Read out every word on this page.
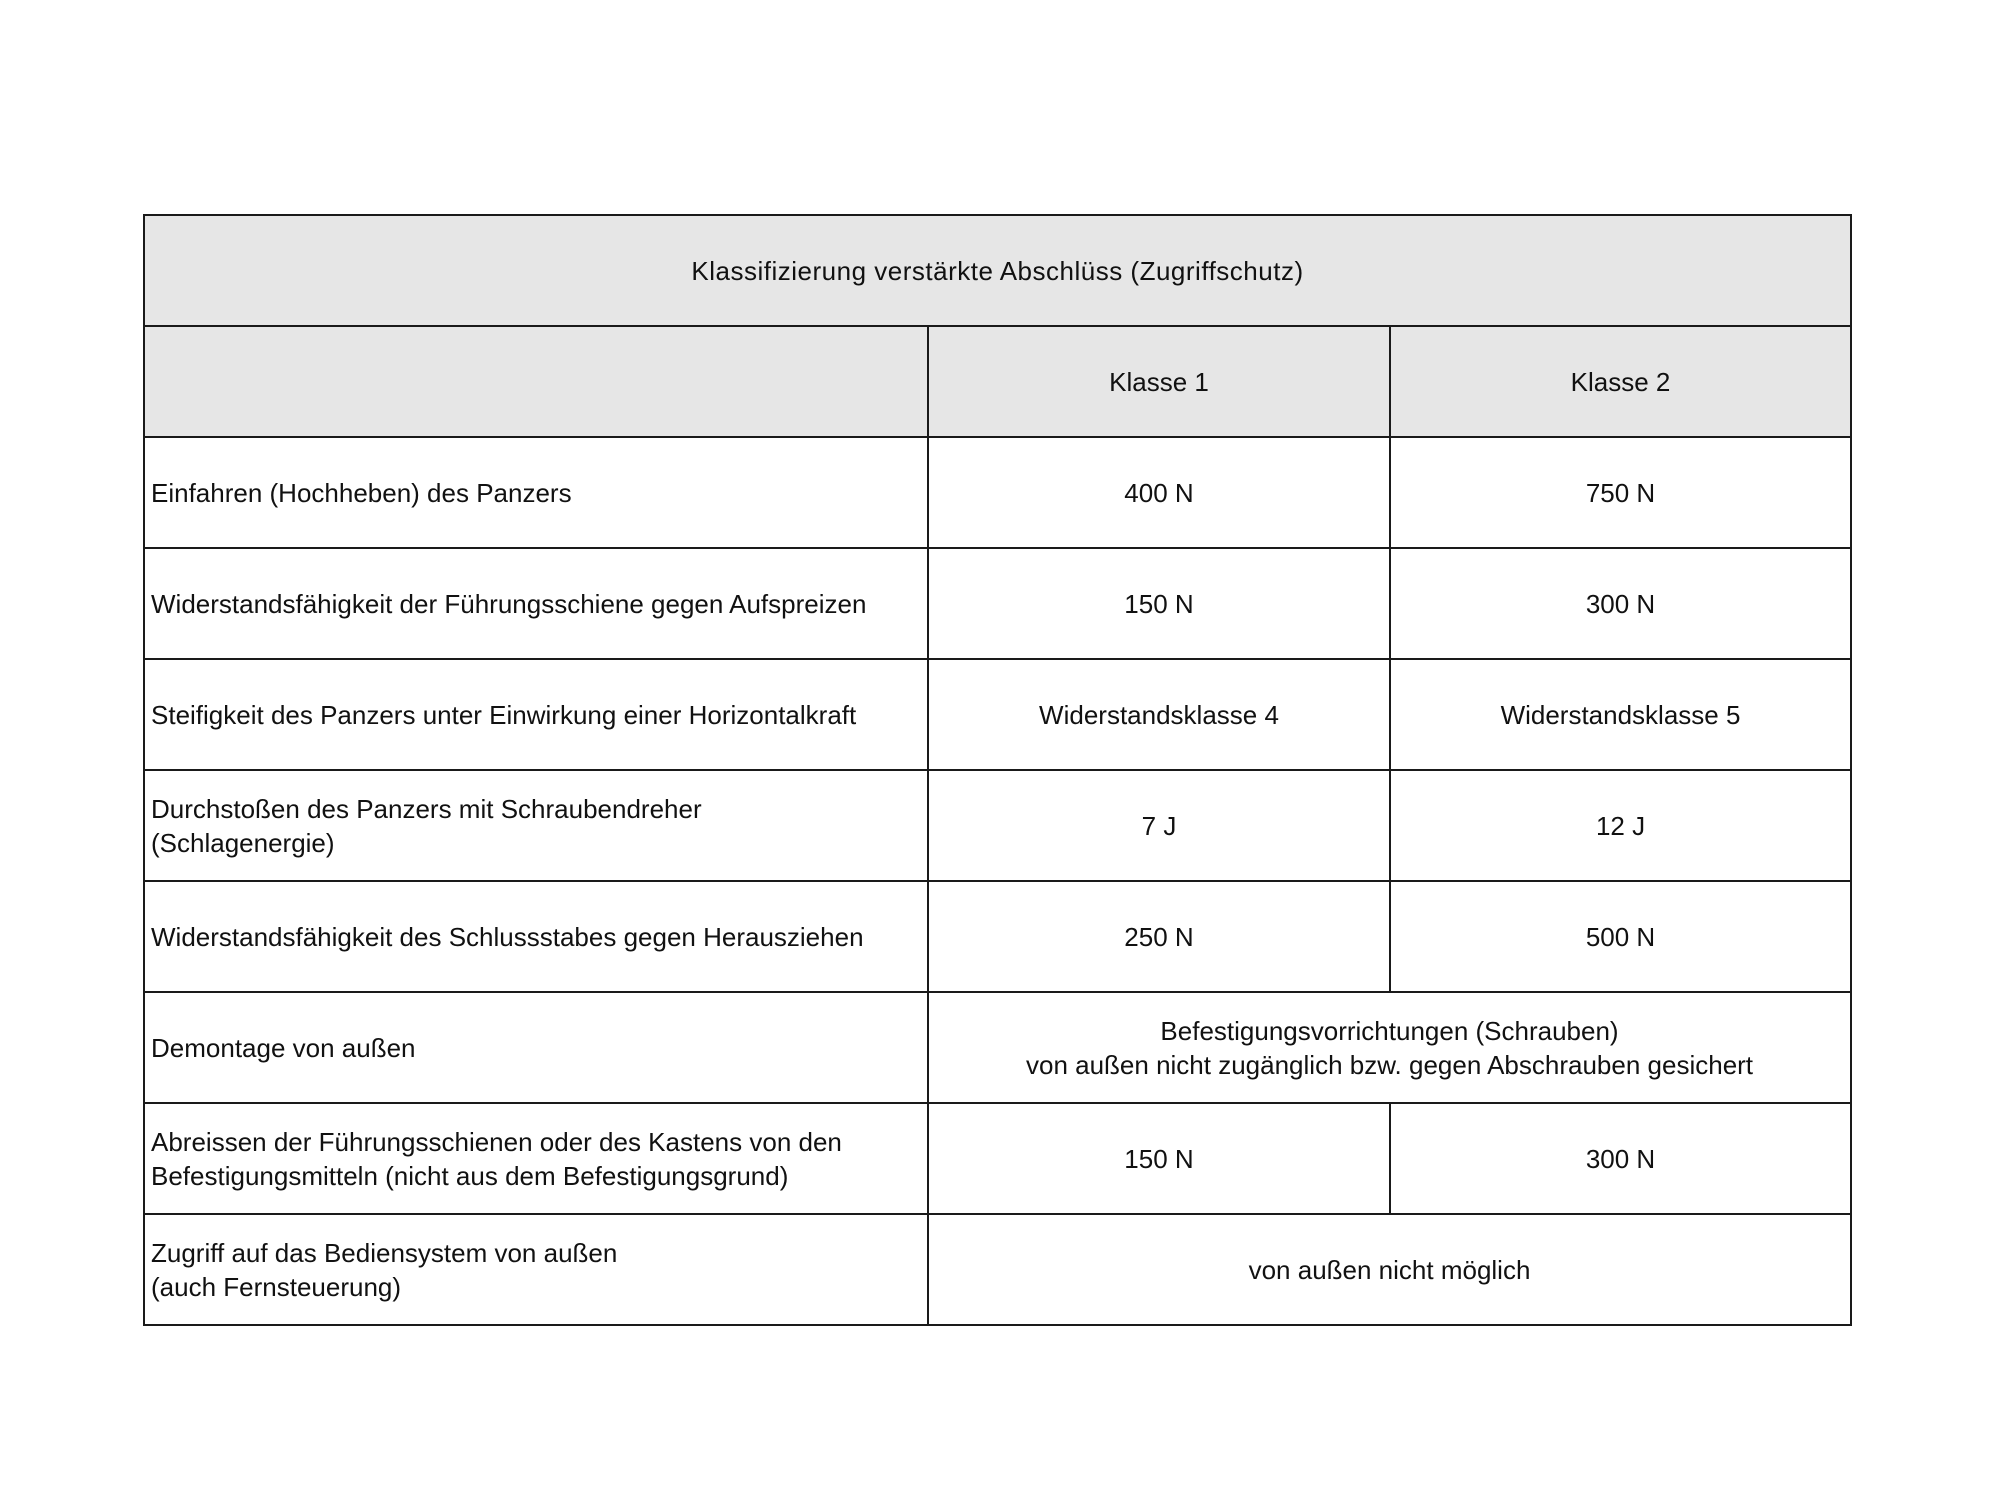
Klassifizierung verstärkte Abschlüss (Zugriffschutz)		
	Klasse 1	Klasse 2

Einfahren (Hochheben) des Panzers	400 N	750 N

Widerstandsfähigkeit der Führungsschiene gegen Aufspreizen	150 N	300 N

Steifigkeit des Panzers unter Einwirkung einer Horizontalkraft	Widerstandsklasse 4	Widerstandsklasse 5

Durchstoßen des Panzers mit Schraubendreher
(Schlagenergie)	7 J	12 J

Widerstandsfähigkeit des Schlussstabes gegen Herausziehen	250 N	500 N

Demontage von außen	Befestigungsvorrichtungen (Schrauben)
von außen nicht zugänglich bzw. gegen Abschrauben gesichert	

Abreissen der Führungsschienen oder des Kastens von den
Befestigungsmitteln (nicht aus dem Befestigungsgrund)	150 N	300 N

Zugriff auf das Bediensystem von außen
(auch Fernsteuerung)	von außen nicht möglich	
